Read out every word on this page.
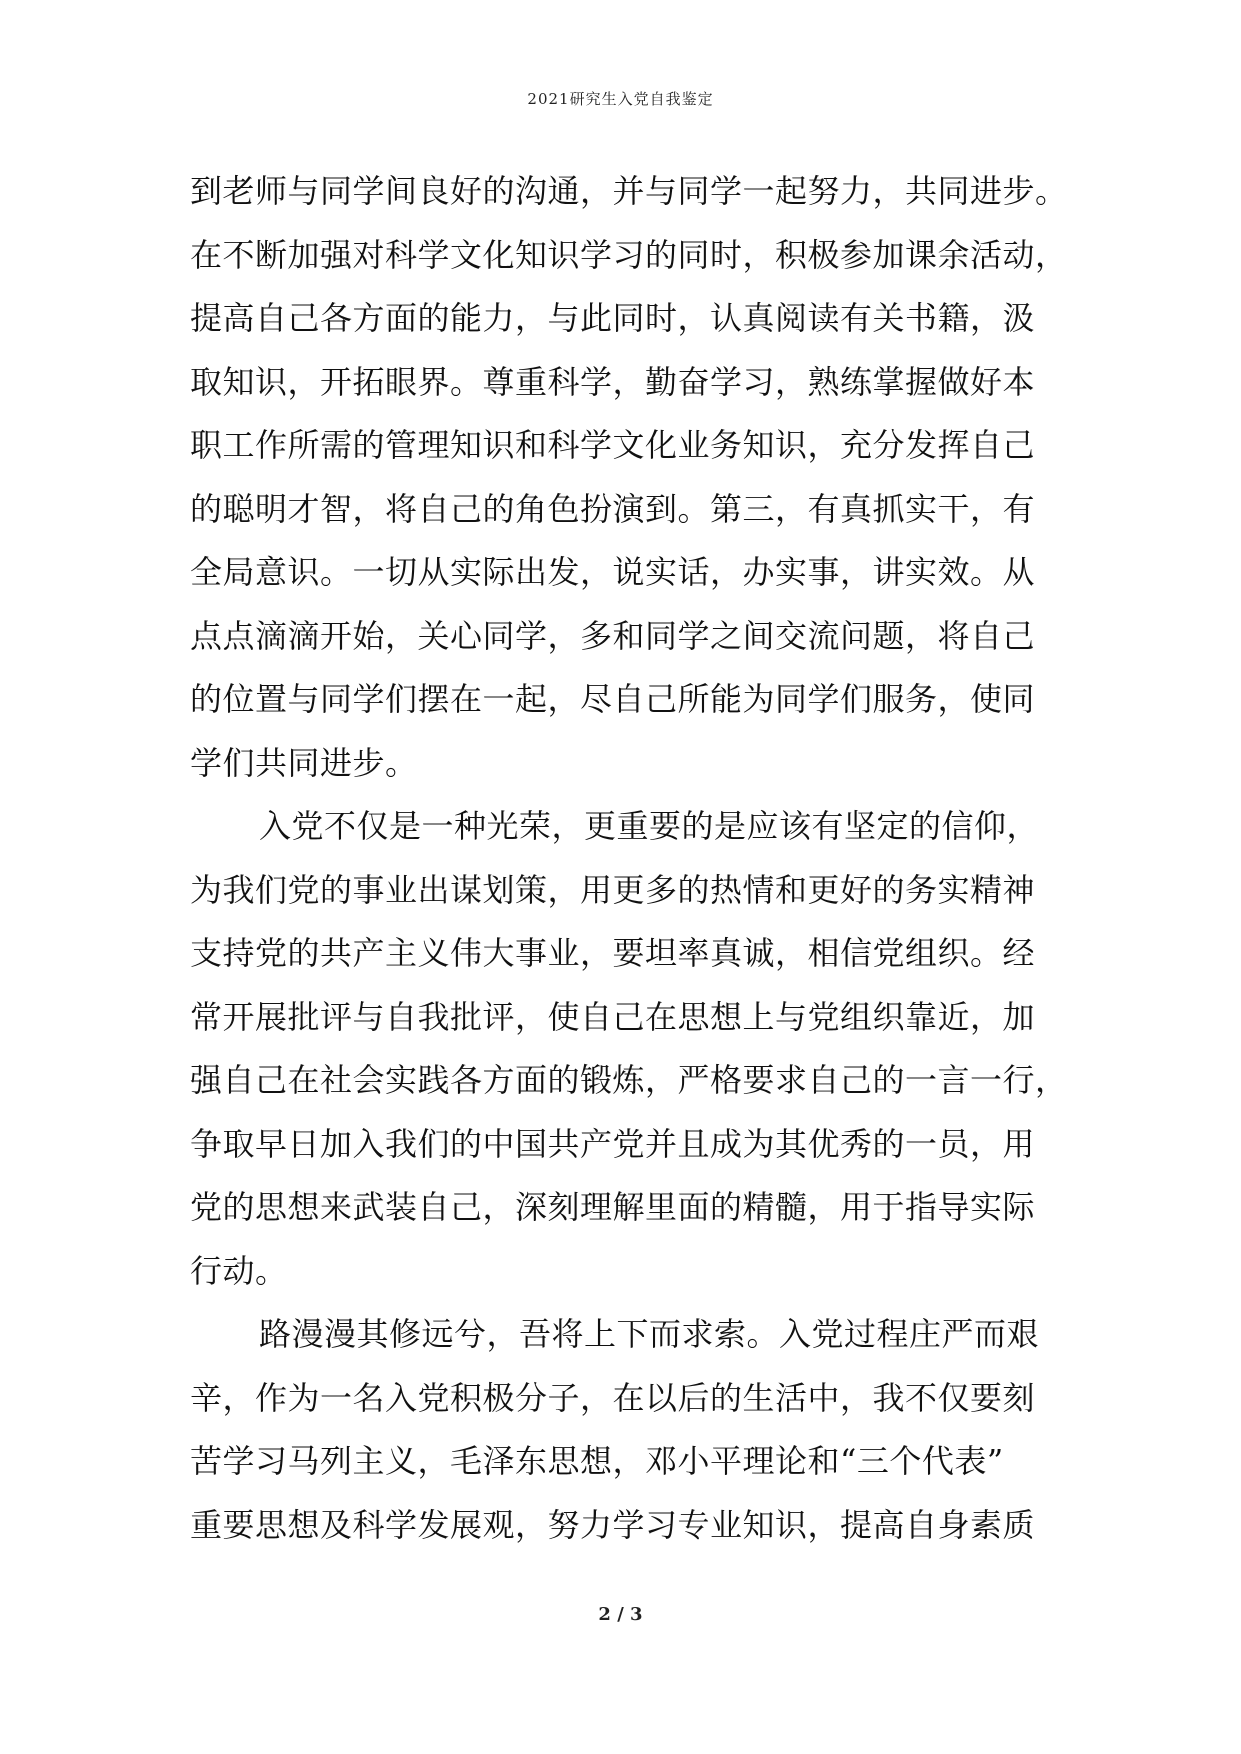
2021研究生入党自我鉴定
到老师与同学间良好的沟通，并与同学一起努力，共同进步。
在不断加强对科学文化知识学习的同时，积极参加课余活动，
提高自己各方面的能力，与此同时，认真阅读有关书籍，汲
取知识，开拓眼界。尊重科学，勤奋学习，熟练掌握做好本
职工作所需的管理知识和科学文化业务知识，充分发挥自己
的聪明才智，将自己的角色扮演到。第三，有真抓实干，有
全局意识。一切从实际出发，说实话，办实事，讲实效。从
点点滴滴开始，关心同学，多和同学之间交流问题，将自己
的位置与同学们摆在一起，尽自己所能为同学们服务，使同
学们共同进步。
入党不仅是一种光荣，更重要的是应该有坚定的信仰，
为我们党的事业出谋划策，用更多的热情和更好的务实精神
支持党的共产主义伟大事业，要坦率真诚，相信党组织。经
常开展批评与自我批评，使自己在思想上与党组织靠近，加
强自己在社会实践各方面的锻炼，严格要求自己的一言一行，
争取早日加入我们的中国共产党并且成为其优秀的一员，用
党的思想来武装自己，深刻理解里面的精髓，用于指导实际
行动。
路漫漫其修远兮，吾将上下而求索。入党过程庄严而艰
辛，作为一名入党积极分子，在以后的生活中，我不仅要刻
苦学习马列主义，毛泽东思想，邓小平理论和“三个代表”
重要思想及科学发展观，努力学习专业知识，提高自身素质
2 / 3
